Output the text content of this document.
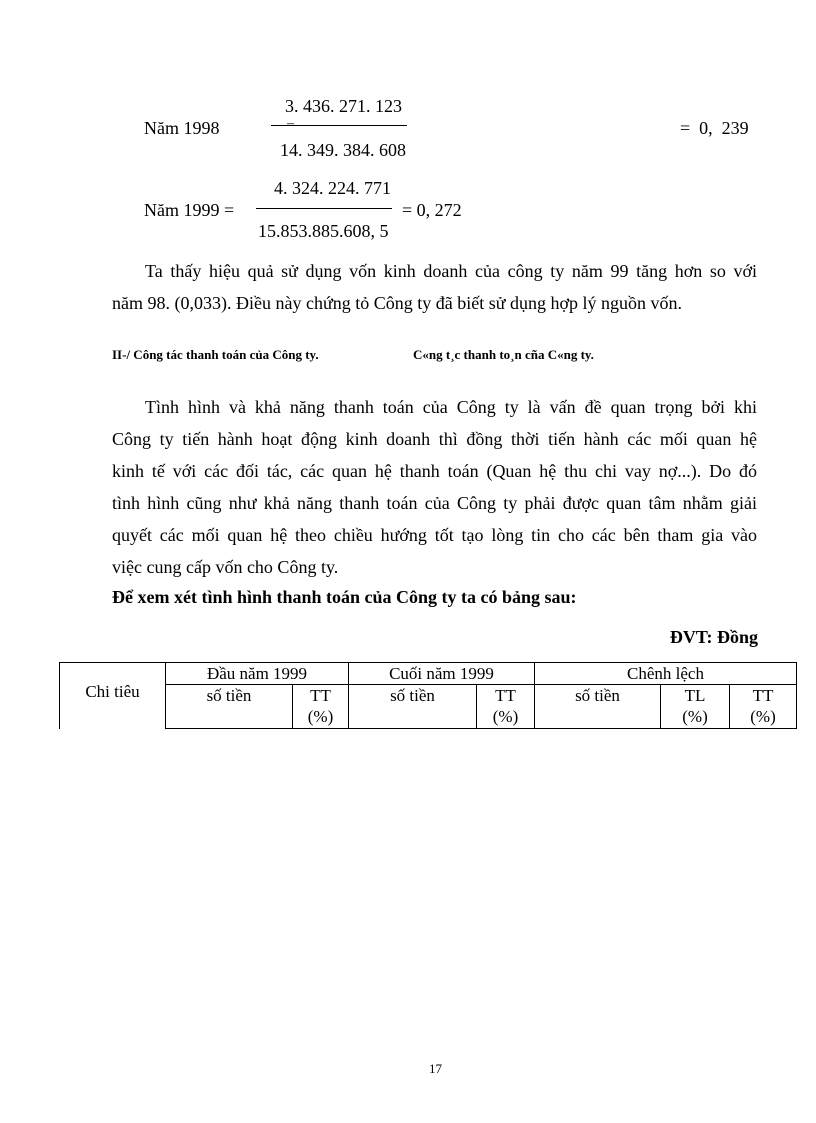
Năm 1998
3. 436. 271. 123
–
14. 349. 384. 608
=  0,  239
Năm 1999 =
4. 324. 224. 771
= 0, 272
15.853.885.608, 5
Ta thấy hiệu quả sử dụng vốn kinh doanh của công ty năm 99 tăng hơn so với
năm 98. (0,033). Điều này chứng tỏ Công ty đã biết sử dụng hợp lý nguồn vốn.
II-/ Công tác thanh toán của Công ty.	C«ng t¸c thanh to¸n cña C«ng ty.
Tình hình và khả năng thanh toán của Công ty là vấn đề quan trọng bởi khi
Công ty tiến hành hoạt động kinh doanh thì đồng thời tiến hành các mối quan hệ
kinh tế với các đối tác, các quan hệ thanh toán (Quan hệ thu chi vay nợ...). Do đó
tình hình cũng như khả năng thanh toán của Công ty phải được quan tâm nhằm giải
quyết các mối quan hệ theo chiều hướng tốt tạo lòng tin cho các bên tham gia vào
việc cung cấp vốn cho Công ty.
Để xem xét tình hình thanh toán của Công ty ta có bảng sau:
ĐVT: Đồng
Chi tiêu	Đầu năm 1999		Cuối năm 1999		Chênh lệch		
	số tiền	TT
(%)	số tiền	TT
(%)	số tiền	TL
(%)	TT
(%)
17
